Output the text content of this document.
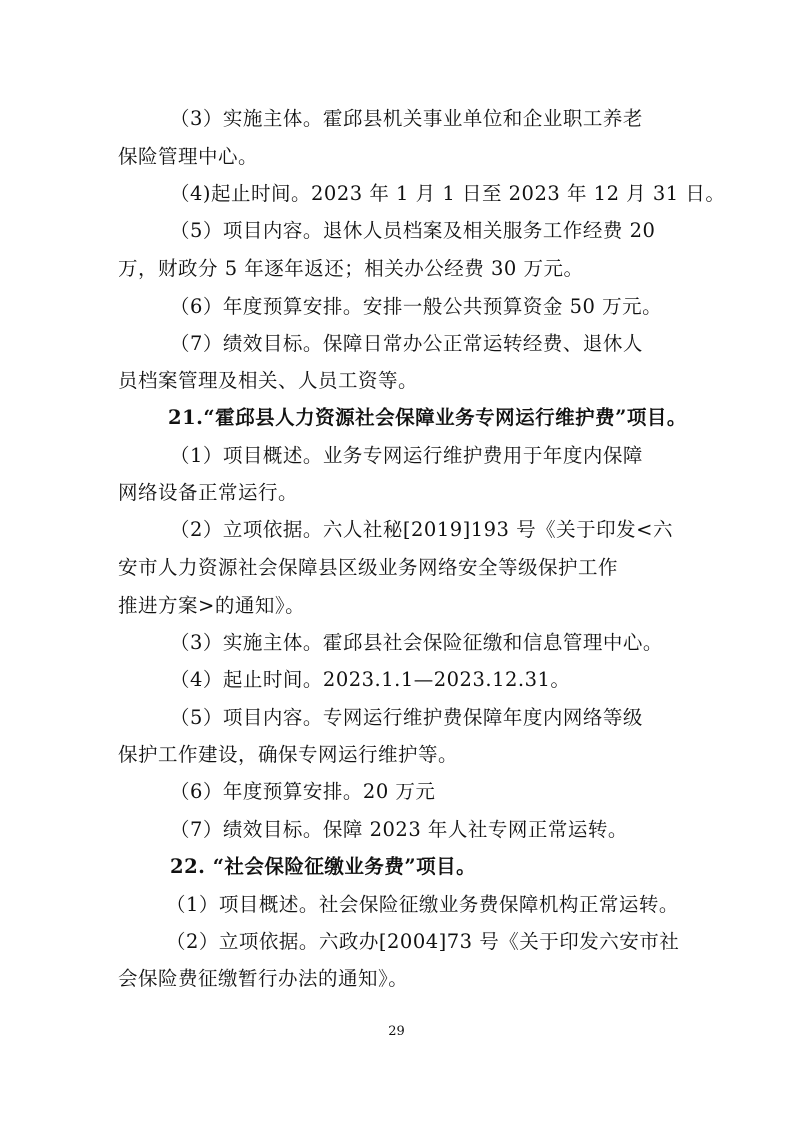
（3）实施主体。霍邱县机关事业单位和企业职工养老
保险管理中心。
（4)起止时间。2023 年 1 月 1 日至 2023 年 12 月 31 日。
（5）项目内容。退休人员档案及相关服务工作经费 20
万，财政分 5 年逐年返还；相关办公经费 30 万元。
（6）年度预算安排。安排一般公共预算资金 50 万元。
（7）绩效目标。保障日常办公正常运转经费、退休人
员档案管理及相关、人员工资等。
21.“霍邱县人力资源社会保障业务专网运行维护费”项目。
（1）项目概述。业务专网运行维护费用于年度内保障
网络设备正常运行。
（2）立项依据。六人社秘[2019]193 号《关于印发<六
安市人力资源社会保障县区级业务网络安全等级保护工作
推进方案>的通知》。
（3）实施主体。霍邱县社会保险征缴和信息管理中心。
（4）起止时间。2023.1.1—2023.12.31。
（5）项目内容。专网运行维护费保障年度内网络等级
保护工作建设，确保专网运行维护等。
（6）年度预算安排。20 万元
（7）绩效目标。保障 2023 年人社专网正常运转。
22. “社会保险征缴业务费”项目。
（1）项目概述。社会保险征缴业务费保障机构正常运转。
（2）立项依据。六政办[2004]73 号《关于印发六安市社
会保险费征缴暂行办法的通知》。
29
